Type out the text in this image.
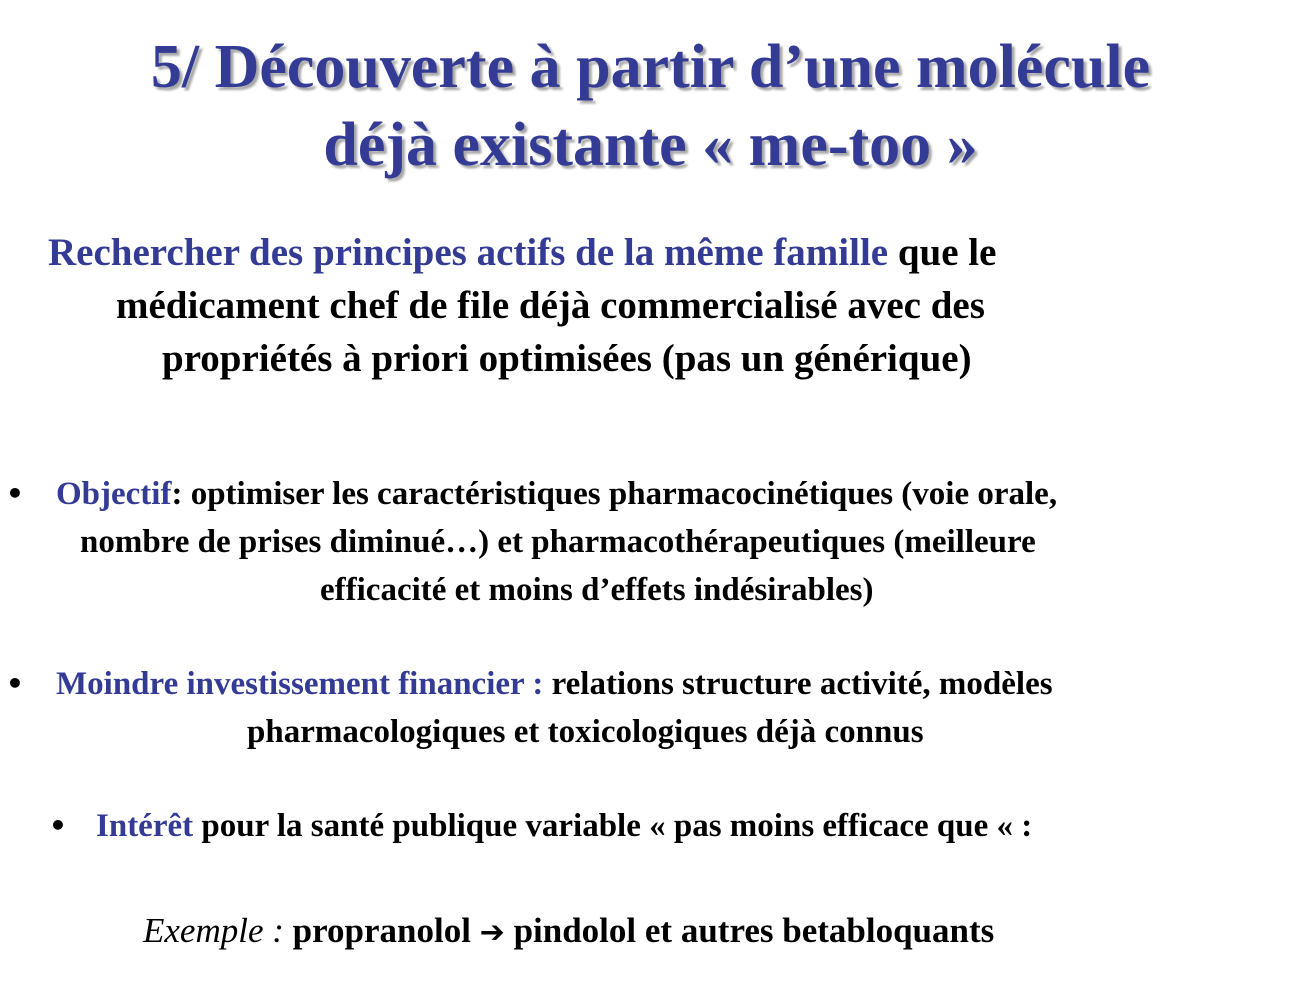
5/ Découverte à partir d’une molécule
déjà existante « me-too »
Rechercher des principes actifs de la même famille que le
médicament chef de file déjà commercialisé avec des
propriétés à priori optimisées (pas un générique)
• Objectif: optimiser les caractéristiques pharmacocinétiques (voie orale,
nombre de prises diminué…) et pharmacothérapeutiques (meilleure
efficacité et moins d’effets indésirables)
• Moindre investissement financier : relations structure activité, modèles
pharmacologiques et toxicologiques déjà connus
• Intérêt pour la santé publique variable « pas moins efficace que « :
Exemple : propranolol ➔ pindolol et autres betabloquants
